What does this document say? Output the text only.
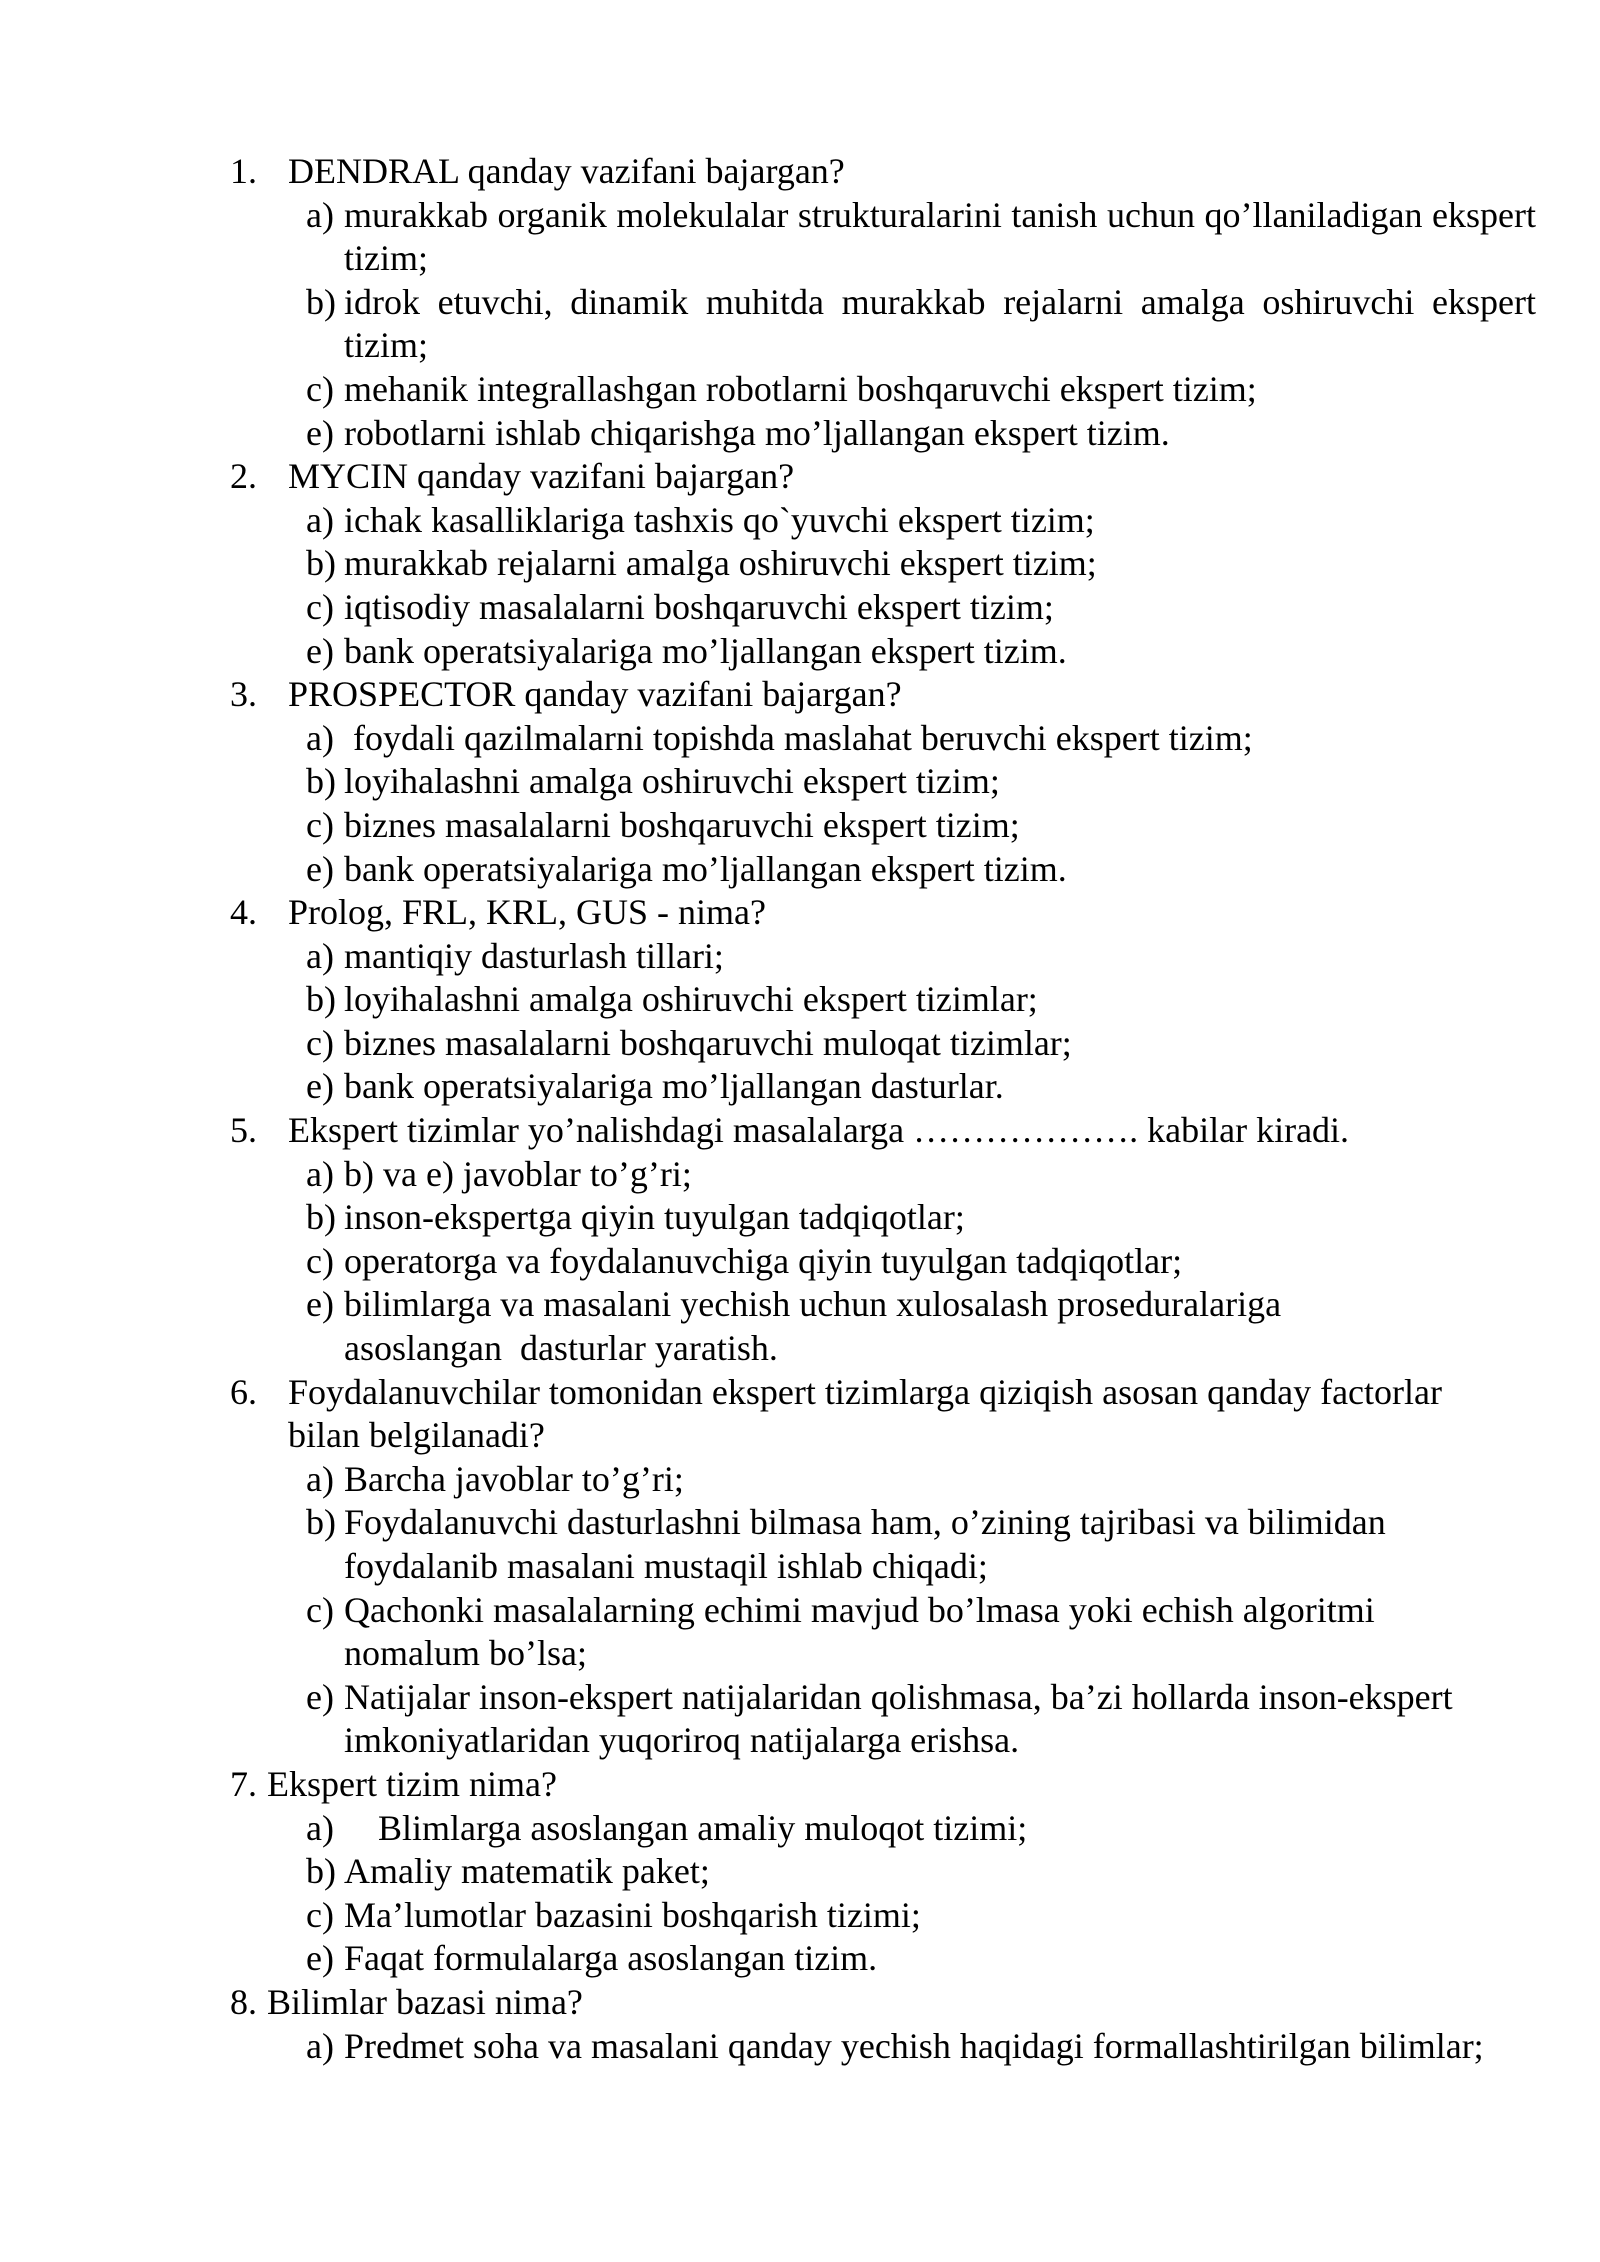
1. DENDRAL qanday vazifani bajargan?
a) murakkab organik molekulalar strukturalarini tanish uchun qo’llaniladigan ekspert tizim;
b) idrok etuvchi, dinamik muhitda murakkab rejalarni amalga oshiruvchi ekspert tizim;
c) mehanik integrallashgan robotlarni boshqaruvchi ekspert tizim;
e) robotlarni ishlab chiqarishga mo’ljallangan ekspert tizim.
2. MYCIN qanday vazifani bajargan?
a) ichak kasalliklariga tashxis qo`yuvchi ekspert tizim;
b) murakkab rejalarni amalga oshiruvchi ekspert tizim;
c) iqtisodiy masalalarni boshqaruvchi ekspert tizim;
e) bank operatsiyalariga mo’ljallangan ekspert tizim.
3. PROSPECTOR qanday vazifani bajargan?
a) foydali qazilmalarni topishda maslahat beruvchi ekspert tizim;
b) loyihalashni amalga oshiruvchi ekspert tizim;
c) biznes masalalarni boshqaruvchi ekspert tizim;
e) bank operatsiyalariga mo’ljallangan ekspert tizim.
4. Prolog, FRL, KRL, GUS - nima?
a) mantiqiy dasturlash tillari;
b) loyihalashni amalga oshiruvchi ekspert tizimlar;
c) biznes masalalarni boshqaruvchi muloqat tizimlar;
e) bank operatsiyalariga mo’ljallangan dasturlar.
5. Ekspert tizimlar yo’nalishdagi masalalarga ………………. kabilar kiradi.
a) b) va e) javoblar to’g’ri;
b) inson-ekspertga qiyin tuyulgan tadqiqotlar;
c) operatorga va foydalanuvchiga qiyin tuyulgan tadqiqotlar;
e) bilimlarga va masalani yechish uchun xulosalash proseduralariga asoslangan  dasturlar yaratish.
6. Foydalanuvchilar tomonidan ekspert tizimlarga qiziqish asosan qanday factorlar bilan belgilanadi?
a) Barcha javoblar to’g’ri;
b) Foydalanuvchi dasturlashni bilmasa ham, o’zining tajribasi va bilimidan foydalanib masalani mustaqil ishlab chiqadi;
c) Qachonki masalalarning echimi mavjud bo’lmasa yoki echish algoritmi nomalum bo’lsa;
e) Natijalar inson-ekspert natijalaridan qolishmasa, ba’zi hollarda inson-ekspert imkoniyatlaridan yuqoriroq natijalarga erishsa.
7. Ekspert tizim nima?
a) Blimlarga asoslangan amaliy muloqot tizimi;
b) Amaliy matematik paket;
c) Ma’lumotlar bazasini boshqarish tizimi;
e) Faqat formulalarga asoslangan tizim.
8. Bilimlar bazasi nima?
a) Predmet soha va masalani qanday yechish haqidagi formallashtirilgan bilimlar;
